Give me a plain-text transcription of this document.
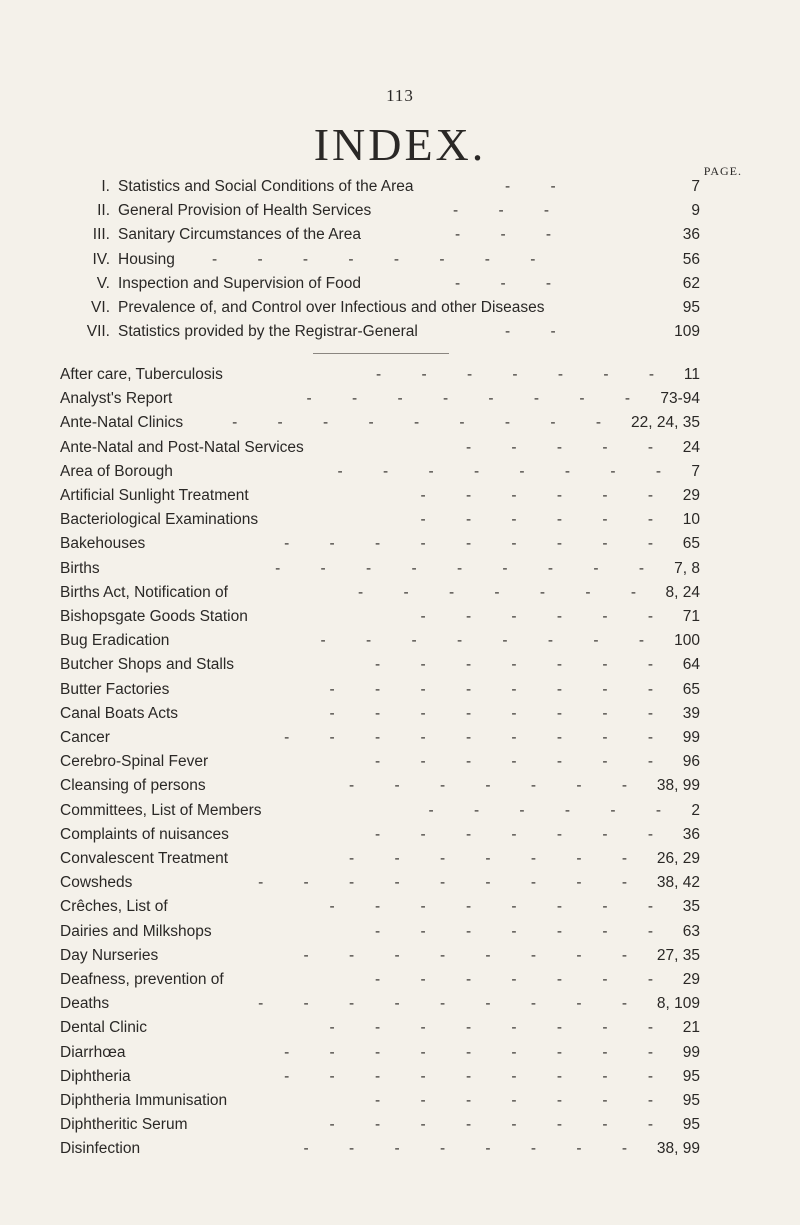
113
INDEX.
PAGE.
I. Statistics and Social Conditions of the Area	- -	7
II. General Provision of Health Services	- - -	9
III. Sanitary Circumstances of the Area	- - -	36
IV. Housing - - - - - - - -	56
V. Inspection and Supervision of Food	- - -	62
VI. Prevalence of, and Control over Infectious and other Diseases	95
VII. Statistics provided by the Registrar-General	- -	109
After care, Tuberculosis	- - - - - - - 11
Analyst's Report	- - - - - - - - 73-94
Ante-Natal Clinics	- - - - - - - - - 22, 24, 35
Ante-Natal and Post-Natal Services	- - - - - 24
Area of Borough	- - - - - - - - 7
Artificial Sunlight Treatment	- - - - - - 29
Bacteriological Examinations	- - - - - - 10
Bakehouses	- - - - - - - - - 65
Births	- - - - - - - - - 7, 8
Births Act, Notification of	- - - - - - - 8, 24
Bishopsgate Goods Station	- - - - - - 71
Bug Eradication	- - - - - - - - 100
Butcher Shops and Stalls	- - - - - - - 64
Butter Factories	- - - - - - - - 65
Canal Boats Acts	- - - - - - - - 39
Cancer	- - - - - - - - - 99
Cerebro-Spinal Fever	- - - - - - - 96
Cleansing of persons	- - - - - - - 38, 99
Committees, List of Members	- - - - - - 2
Complaints of nuisances	- - - - - - - 36
Convalescent Treatment	- - - - - - - 26, 29
Cowsheds	- - - - - - - - - 38, 42
Crêches, List of	- - - - - - - - 35
Dairies and Milkshops	- - - - - - - 63
Day Nurseries	- - - - - - - - 27, 35
Deafness, prevention of	- - - - - - - 29
Deaths	- - - - - - - - - 8, 109
Dental Clinic	- - - - - - - - 21
Diarrhœa	- - - - - - - - - 99
Diphtheria	- - - - - - - - - 95
Diphtheria Immunisation	- - - - - - - 95
Diphtheritic Serum	- - - - - - - - 95
Disinfection	- - - - - - - - 38, 99
